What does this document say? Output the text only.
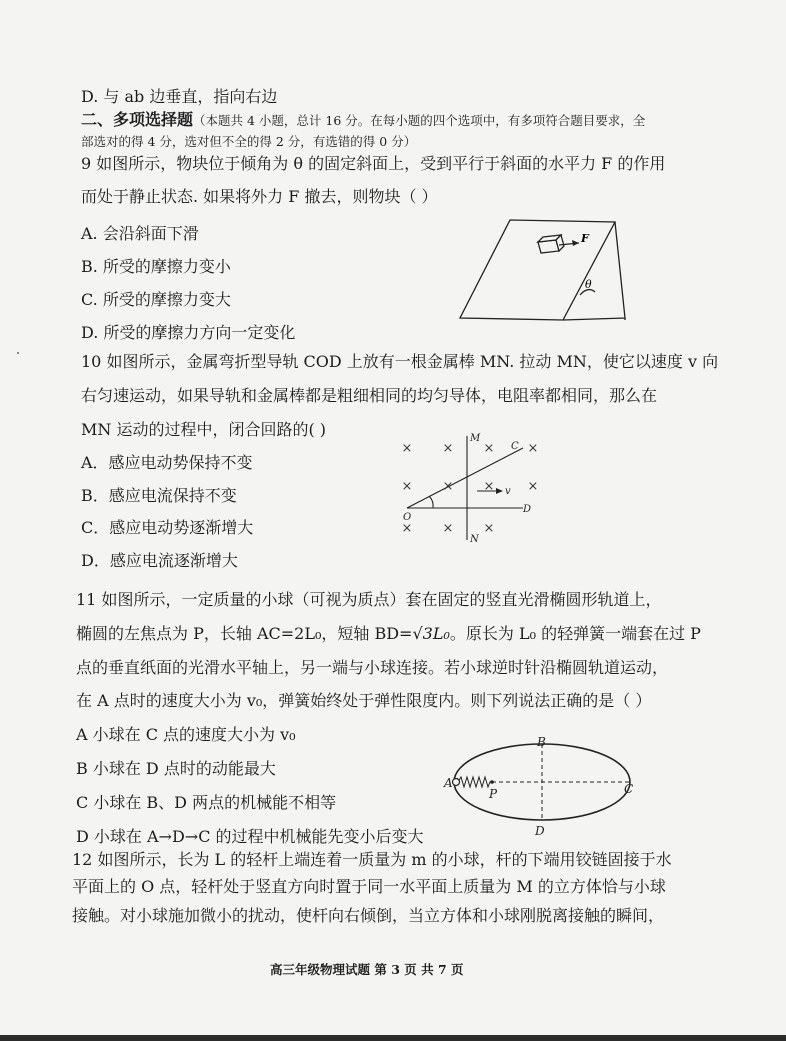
D. 与 ab 边垂直，指向右边
二、多项选择题（本题共 4 小题，总计 16 分。在每小题的四个选项中，有多项符合题目要求，全
部选对的得 4 分，选对但不全的得 2 分，有选错的得 0 分）
9 如图所示，物块位于倾角为 θ 的固定斜面上，受到平行于斜面的水平力 F 的作用
而处于静止状态. 如果将外力 F 撤去，则物块（ ）
A. 会沿斜面下滑
B. 所受的摩擦力变小
C. 所受的摩擦力变大
D. 所受的摩擦力方向一定变化
F
θ
10 如图所示，金属弯折型导轨 COD 上放有一根金属棒 MN. 拉动 MN，使它以速度 v 向
右匀速运动，如果导轨和金属棒都是粗细相同的均匀导体，电阻率都相同，那么在
MN 运动的过程中，闭合回路的( )
A．感应电动势保持不变
B．感应电流保持不变
C．感应电动势逐渐增大
D．感应电流逐渐增大
× × ×	×
× × ×	×
× × ×
M
N
C
O
D
v
11 如图所示，一定质量的小球（可视为质点）套在固定的竖直光滑椭圆形轨道上，
椭圆的左焦点为 P，长轴 AC=2L₀，短轴 BD=√3L₀。原长为 L₀ 的轻弹簧一端套在过 P
点的垂直纸面的光滑水平轴上，另一端与小球连接。若小球逆时针沿椭圆轨道运动，
在 A 点时的速度大小为 v₀，弹簧始终处于弹性限度内。则下列说法正确的是（ ）
A 小球在 C 点的速度大小为 v₀
B 小球在 D 点时的动能最大
C 小球在 B、D 两点的机械能不相等
D 小球在 A→D→C 的过程中机械能先变小后变大
A
B
C
D
P
12 如图所示，长为 L 的轻杆上端连着一质量为 m 的小球，杆的下端用铰链固接于水
平面上的 O 点，轻杆处于竖直方向时置于同一水平面上质量为 M 的立方体恰与小球
接触。对小球施加微小的扰动，使杆向右倾倒，当立方体和小球刚脱离接触的瞬间，
高三年级物理试题 第 3 页 共 7 页
